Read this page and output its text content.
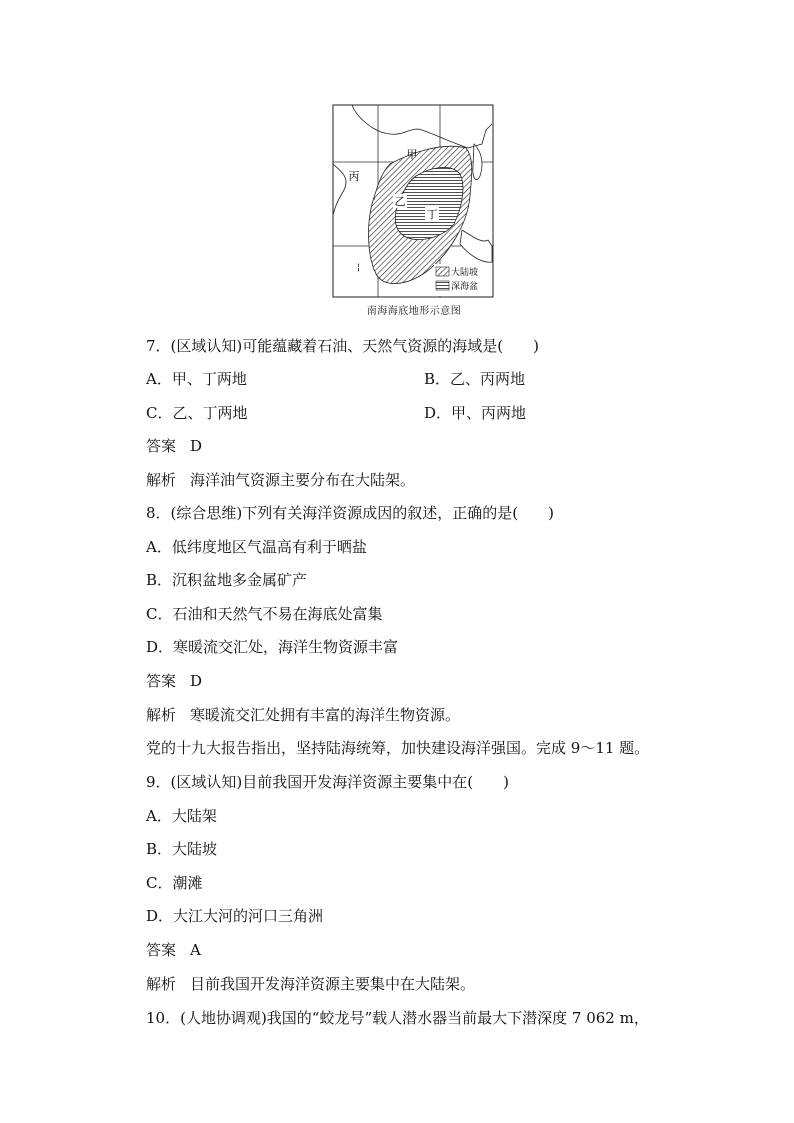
甲
丙
乙
丁
·
¦	大陆坡
深海盆
南海海底地形示意图
7．(区域认知)可能蕴藏着石油、天然气资源的海域是(　　)
A．甲、丁两地	B．乙、丙两地
C．乙、丁两地	D．甲、丙两地
答案 D
解析 海洋油气资源主要分布在大陆架。
8．(综合思维)下列有关海洋资源成因的叙述，正确的是(　　)
A．低纬度地区气温高有利于晒盐
B．沉积盆地多金属矿产
C．石油和天然气不易在海底处富集
D．寒暖流交汇处，海洋生物资源丰富
答案 D
解析 寒暖流交汇处拥有丰富的海洋生物资源。
党的十九大报告指出，坚持陆海统筹，加快建设海洋强国。完成 9～11 题。
9．(区域认知)目前我国开发海洋资源主要集中在(　　)
A．大陆架
B．大陆坡
C．潮滩
D．大江大河的河口三角洲
答案 A
解析 目前我国开发海洋资源主要集中在大陆架。
10．(人地协调观)我国的“蛟龙号”载人潜水器当前最大下潜深度 7 062 m，
